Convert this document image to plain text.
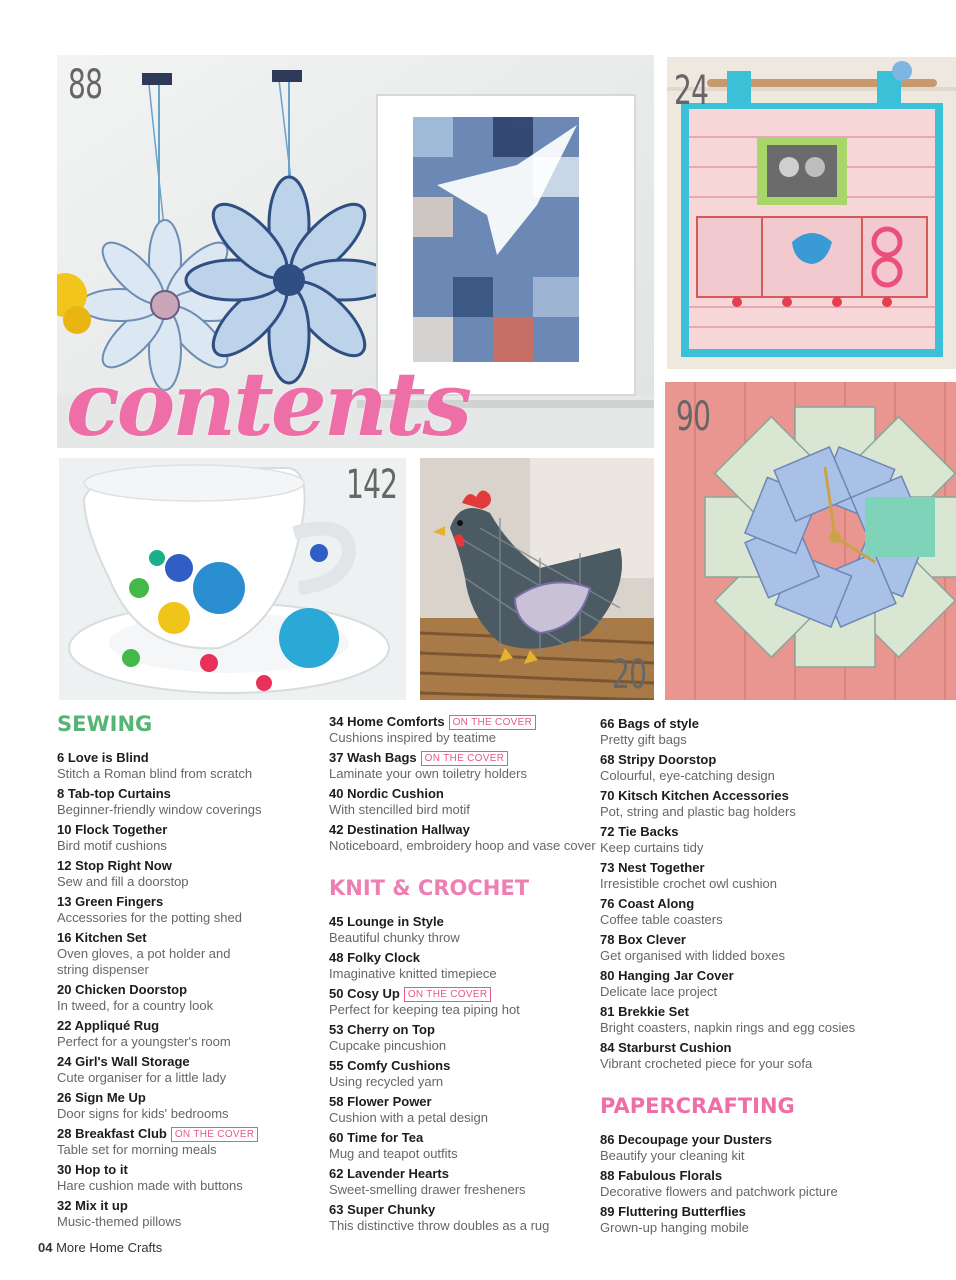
88
contents
24
90
142
20
SEWING
6 Love is Blind
Stitch a Roman blind from scratch
8 Tab-top Curtains
Beginner-friendly window coverings
10 Flock Together
Bird motif cushions
12 Stop Right Now
Sew and fill a doorstop
13 Green Fingers
Accessories for the potting shed
16 Kitchen Set
Oven gloves, a pot holder and string dispenser
20 Chicken Doorstop
In tweed, for a country look
22 Appliqué Rug
Perfect for a youngster's room
24 Girl's Wall Storage
Cute organiser for a little lady
26 Sign Me Up
Door signs for kids' bedrooms
28 Breakfast Club ON THE COVER
Table set for morning meals
30 Hop to it
Hare cushion made with buttons
32 Mix it up
Music-themed pillows
34 Home Comforts ON THE COVER
Cushions inspired by teatime
37 Wash Bags ON THE COVER
Laminate your own toiletry holders
40 Nordic Cushion
With stencilled bird motif
42 Destination Hallway
Noticeboard, embroidery hoop and vase cover
KNIT & CROCHET
45 Lounge in Style
Beautiful chunky throw
48 Folky Clock
Imaginative knitted timepiece
50 Cosy Up ON THE COVER
Perfect for keeping tea piping hot
53 Cherry on Top
Cupcake pincushion
55 Comfy Cushions
Using recycled yarn
58 Flower Power
Cushion with a petal design
60 Time for Tea
Mug and teapot outfits
62 Lavender Hearts
Sweet-smelling drawer fresheners
63 Super Chunky
This distinctive throw doubles as a rug
66 Bags of style
Pretty gift bags
68 Stripy Doorstop
Colourful, eye-catching design
70 Kitsch Kitchen Accessories
Pot, string and plastic bag holders
72 Tie Backs
Keep curtains tidy
73 Nest Together
Irresistible crochet owl cushion
76 Coast Along
Coffee table coasters
78 Box Clever
Get organised with lidded boxes
80 Hanging Jar Cover
Delicate lace project
81 Brekkie Set
Bright coasters, napkin rings and egg cosies
84 Starburst Cushion
Vibrant crocheted piece for your sofa
PAPERCRAFTING
86 Decoupage your Dusters
Beautify your cleaning kit
88 Fabulous Florals
Decorative flowers and patchwork picture
89 Fluttering Butterflies
Grown-up hanging mobile
04 More Home Crafts
